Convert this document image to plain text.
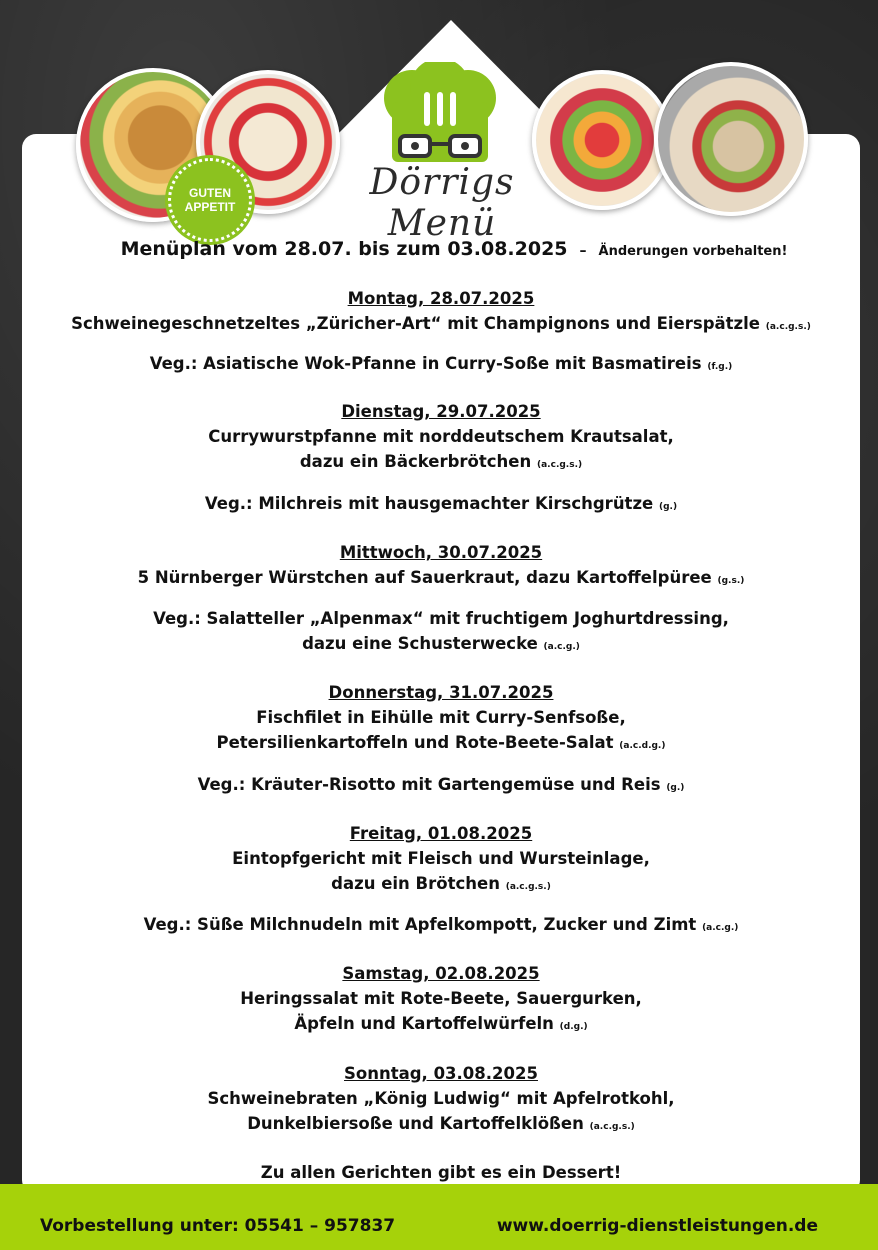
GUTEN
APPETIT
Dörrigs Menü
Menüplan vom 28.07. bis zum 03.08.2025 – Änderungen vorbehalten!
Montag, 28.07.2025
Schweinegeschnetzeltes „Züricher-Art“ mit Champignons und Eierspätzle (a.c.g.s.)
Veg.: Asiatische Wok-Pfanne in Curry-Soße mit Basmatireis (f.g.)
Dienstag, 29.07.2025
Currywurstpfanne mit norddeutschem Krautsalat,
dazu ein Bäckerbrötchen (a.c.g.s.)
Veg.: Milchreis mit hausgemachter Kirschgrütze (g.)
Mittwoch, 30.07.2025
5 Nürnberger Würstchen auf Sauerkraut, dazu Kartoffelpüree (g.s.)
Veg.: Salatteller „Alpenmax“ mit fruchtigem Joghurtdressing,
dazu eine Schusterwecke (a.c.g.)
Donnerstag, 31.07.2025
Fischfilet in Eihülle mit Curry-Senfsoße,
Petersilienkartoffeln und Rote-Beete-Salat (a.c.d.g.)
Veg.: Kräuter-Risotto mit Gartengemüse und Reis (g.)
Freitag, 01.08.2025
Eintopfgericht mit Fleisch und Wursteinlage,
dazu ein Brötchen (a.c.g.s.)
Veg.: Süße Milchnudeln mit Apfelkompott, Zucker und Zimt (a.c.g.)
Samstag, 02.08.2025
Heringssalat mit Rote-Beete, Sauergurken,
Äpfeln und Kartoffelwürfeln (d.g.)
Sonntag, 03.08.2025
Schweinebraten „König Ludwig“ mit Apfelrotkohl,
Dunkelbiersoße und Kartoffelklößen (a.c.g.s.)
Zu allen Gerichten gibt es ein Dessert!
Vorbestellung unter: 05541 – 957837	www.doerrig-dienstleistungen.de
